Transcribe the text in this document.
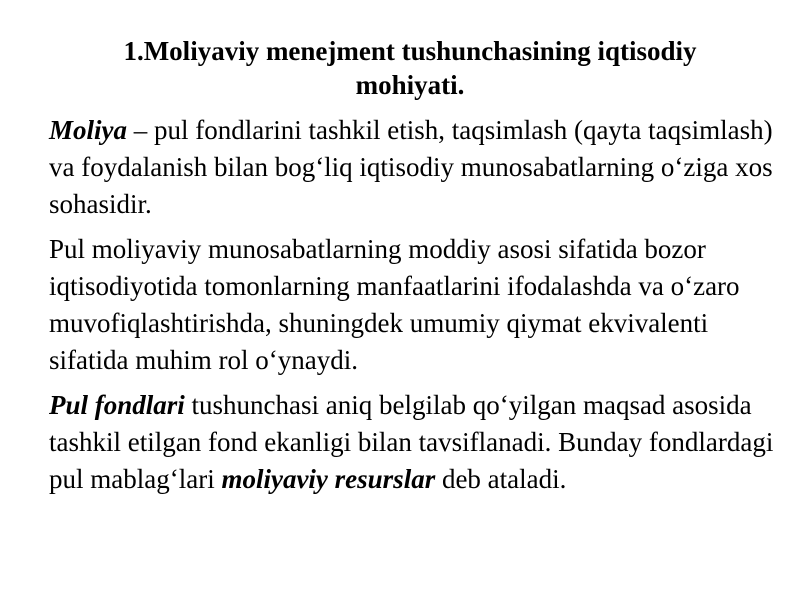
1.Moliyaviy menejment tushunchasining iqtisodiy
mohiyati.

Moliya – pul fondlarini tashkil etish, taqsimlash (qayta taqsimlash) va foydalanish bilan bog‘liq iqtisodiy munosabatlarning o‘ziga xos sohasidir.

Pul moliyaviy munosabatlarning moddiy asosi sifatida bozor iqtisodiyotida tomonlarning manfaatlarini ifodalashda va o‘zaro muvofiqlashtirishda, shuningdek umumiy qiymat ekvivalenti sifatida muhim rol o‘ynaydi.

Pul fondlari tushunchasi aniq belgilab qo‘yilgan maqsad asosida tashkil etilgan fond ekanligi bilan tavsiflanadi. Bunday fondlardagi pul mablag‘lari moliyaviy resurslar deb ataladi.
